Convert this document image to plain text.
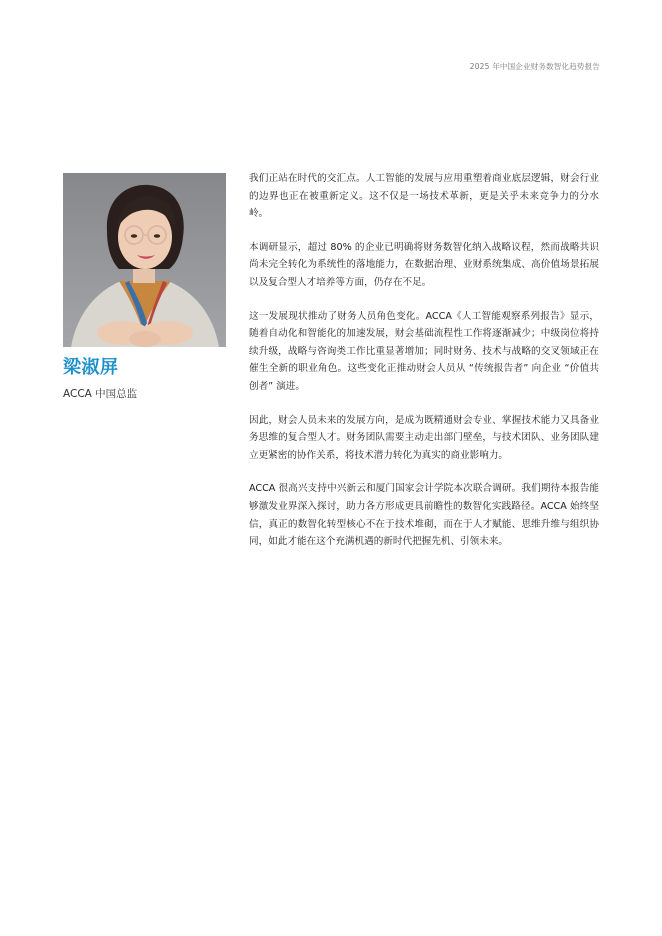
2025 年中国企业财务数智化趋势报告
梁淑屏
ACCA 中国总监

我们正站在时代的交汇点。人工智能的发展与应用重塑着商业底层逻辑，财会行业的边界也正在被重新定义。这不仅是一场技术革新，更是关乎未来竞争力的分水岭。

本调研显示，超过 80% 的企业已明确将财务数智化纳入战略议程，然而战略共识尚未完全转化为系统性的落地能力，在数据治理、业财系统集成、高价值场景拓展以及复合型人才培养等方面，仍存在不足。

这一发展现状推动了财务人员角色变化。ACCA《人工智能观察系列报告》显示，随着自动化和智能化的加速发展，财会基础流程性工作将逐渐减少；中级岗位将持续升级，战略与咨询类工作比重显著增加；同时财务、技术与战略的交叉领域正在催生全新的职业角色。这些变化正推动财会人员从 “传统报告者” 向企业 “价值共创者” 演进。

因此，财会人员未来的发展方向，是成为既精通财会专业、掌握技术能力又具备业务思维的复合型人才。财务团队需要主动走出部门壁垒，与技术团队、业务团队建立更紧密的协作关系，将技术潜力转化为真实的商业影响力。

ACCA 很高兴支持中兴新云和厦门国家会计学院本次联合调研。我们期待本报告能够激发业界深入探讨，助力各方形成更具前瞻性的数智化实践路径。ACCA 始终坚信，真正的数智化转型核心不在于技术堆砌，而在于人才赋能、思维升维与组织协同，如此才能在这个充满机遇的新时代把握先机、引领未来。
